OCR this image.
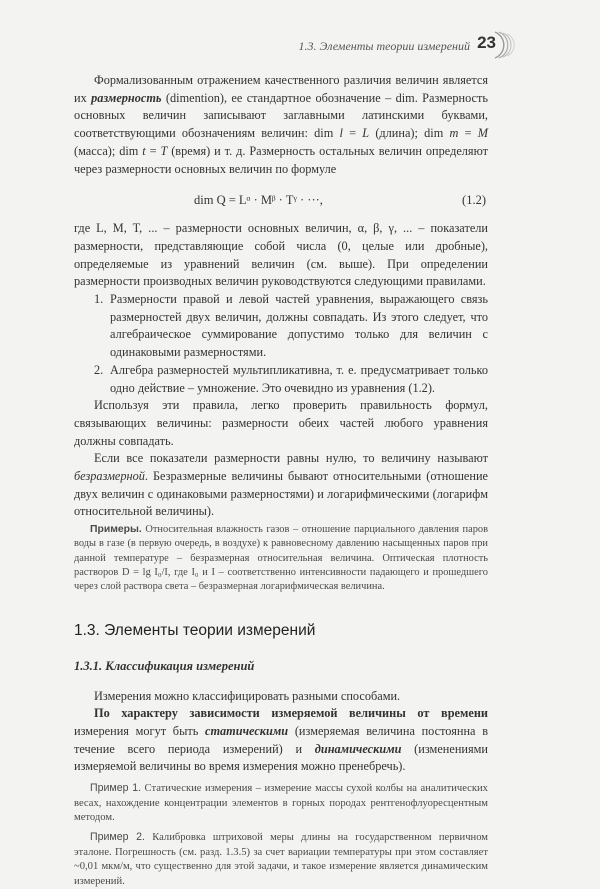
1.3. Элементы теории измерений 23

Формализованным отражением качественного различия величин является их размерность (dimention), ее стандартное обозначение – dim. Размерность основных величин записывают заглавными латинскими буквами, соответствующими обозначениям величин: dim l = L (длина); dim m = M (масса); dim t = T (время) и т. д. Размерность остальных величин определяют через размерности основных величин по формуле

dim Q = Lᵅ · Mᵝ · Tᵞ · ···,	(1.2)

где L, M, T, ... – размерности основных величин, α, β, γ, ... – показатели размерности, представляющие собой числа (0, целые или дробные), определяемые из уравнений величин (см. выше). При определении размерности производных величин руководствуются следующими правилами.

1. Размерности правой и левой частей уравнения, выражающего связь размерностей двух величин, должны совпадать. Из этого следует, что алгебраическое суммирование допустимо только для величин с одинаковыми размерностями.
2. Алгебра размерностей мультипликативна, т. е. предусматривает только одно действие – умножение. Это очевидно из уравнения (1.2).

Используя эти правила, легко проверить правильность формул, связывающих величины: размерности обеих частей любого уравнения должны совпадать.

Если все показатели размерности равны нулю, то величину называют безразмерной. Безразмерные величины бывают относительными (отношение двух величин с одинаковыми размерностями) и логарифмическими (логарифм относительной величины).

Примеры. Относительная влажность газов – отношение парциального давления паров воды в газе (в первую очередь, в воздухе) к равновесному давлению насыщенных паров при данной температуре – безразмерная относительная величина. Оптическая плотность растворов D = lg I₀/I, где I₀ и I – соответственно интенсивности падающего и прошедшего через слой раствора света – безразмерная логарифмическая величина.
1.3. Элементы теории измерений
1.3.1. Классификация измерений

Измерения можно классифицировать разными способами.

По характеру зависимости измеряемой величины от времени измерения могут быть статическими (измеряемая величина постоянна в течение всего периода измерений) и динамическими (изменениями измеряемой величины во время измерения можно пренебречь).

Пример 1. Статические измерения – измерение массы сухой колбы на аналитических весах, нахождение концентрации элементов в горных породах рентгенофлуоресцентным методом.
Пример 2. Калибровка штриховой меры длины на государственном первичном эталоне. Погрешность (см. разд. 1.3.5) за счет вариации температуры при этом составляет ~0,01 мкм/м, что существенно для этой задачи, и такое измерение является динамическим измерений.
